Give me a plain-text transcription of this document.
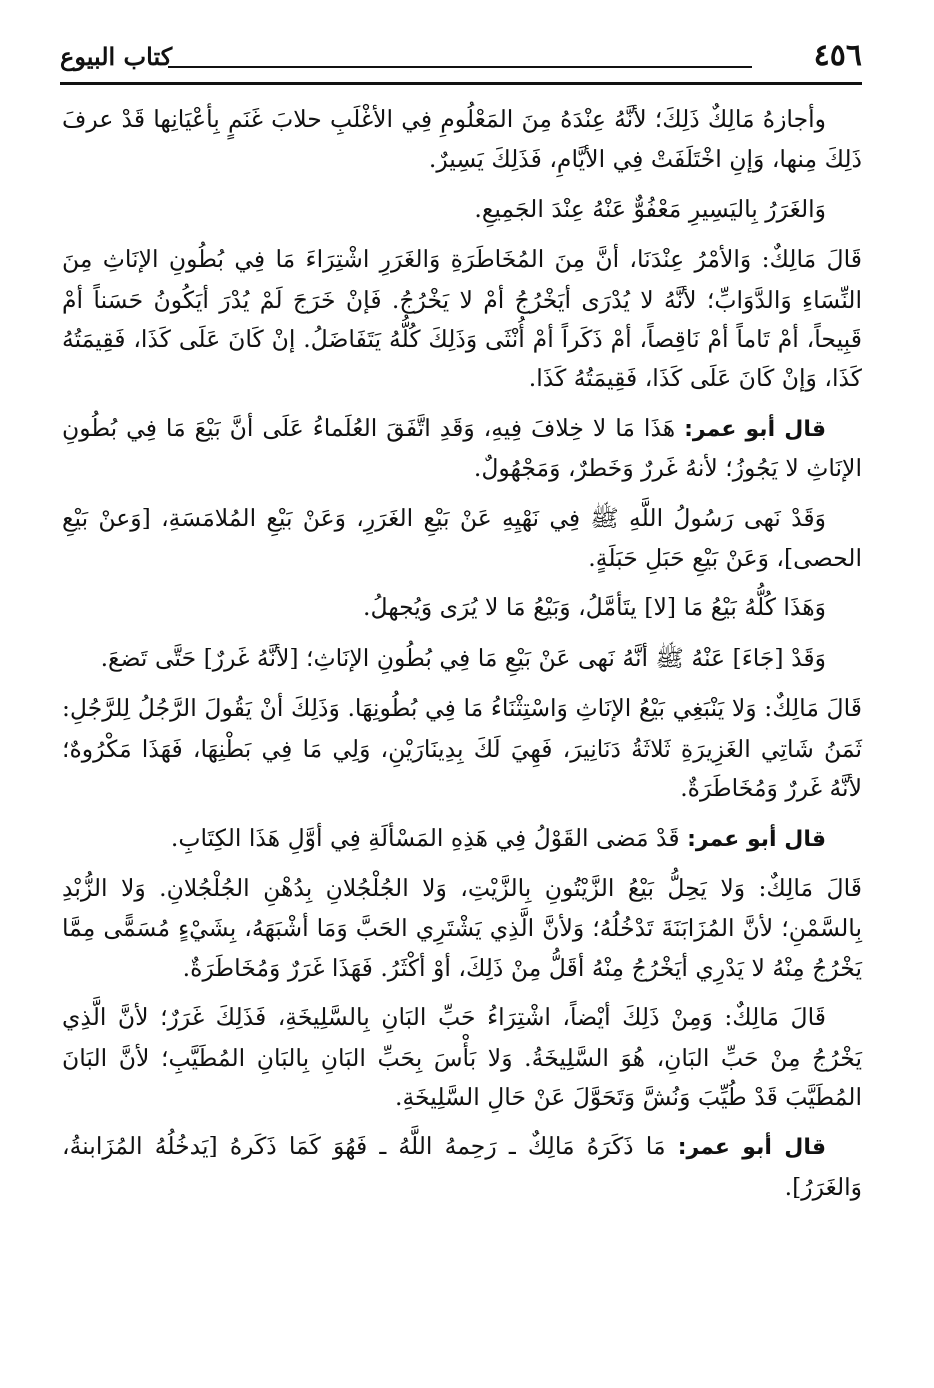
٤٥٦
كتاب البيوع

وأجازهُ مَالِكٌ ذَلِكَ؛ لأنَّهُ عِنْدَهُ مِنَ المَعْلُومِ فِي الأغْلَبِ حلابَ غَنَمٍ بِأعْيَانِها قَدْ عرفَ ذَلِكَ مِنها، وَإنِ اخْتَلَفَتْ فِي الأيَّامِ، فَذَلِكَ يَسِيرٌ.

وَالغَرَرُ بِاليَسِيرِ مَعْفُوٌّ عَنْهُ عِنْدَ الجَمِيعِ.

قَالَ مَالِكٌ: وَالأمْرُ عِنْدَنَا، أنَّ مِنَ المُخَاطَرَةِ وَالغَرَرِ اشْتِرَاءَ مَا فِي بُطُونِ الإنَاثِ مِنَ النِّسَاءِ وَالدَّوَابِّ؛ لأنَّهُ لا يُدْرَى أيَخْرُجُ أمْ لا يَخْرُجُ. فَإنْ خَرَجَ لَمْ يُدْرَ أيَكُونُ حَسَناً أمْ قَبِيحاً، أمْ تَاماً أمْ نَاقِصاً، أمْ ذَكَراً أمْ أُنْثَى وَذَلِكَ كُلُّهُ يَتَفَاضَلُ. إنْ كَانَ عَلَى كَذَا، فَقِيمَتُهُ كَذَا، وَإنْ كَانَ عَلَى كَذَا، فَقِيمَتُهُ كَذَا.

قال أبو عمر: هَذَا مَا لا خِلافَ فِيهِ، وَقَدِ اتَّفَقَ العُلَماءُ عَلَى أنَّ بَيْعَ مَا فِي بُطُونِ الإنَاثِ لا يَجُوزُ؛ لأنهُ غَررٌ وَخَطرٌ، وَمَجْهُولٌ.

وَقَدْ نَهى رَسُولُ اللَّهِ ﷺ فِي نَهْيِهِ عَنْ بَيْعِ الغَرَرِ، وَعَنْ بَيْعِ المُلامَسَةِ، [وَعنْ بَيْعِ الحصى]، وَعَنْ بَيْعِ حَبَلِ حَبَلَةٍ.

وَهَذَا كُلُّهُ بَيْعُ مَا [لا] يتَأمَّلُ، وَبَيْعُ مَا لا يُرَى وَيُجهلُ.

وَقَدْ [جَاءَ] عَنْهُ ﷺ أنَّهُ نَهى عَنْ بَيْعِ مَا فِي بُطُونِ الإنَاثِ؛ [لأنَّهُ غَررٌ] حَتَّى تَضعَ.

قَالَ مَالِكٌ: وَلا يَنْبَغِي بَيْعُ الإنَاثِ وَاسْتِثْنَاءُ مَا فِي بُطُونِهَا. وَذَلِكَ أنْ يَقُولَ الرَّجُلُ لِلرَّجُلِ: ثَمَنُ شَاتِي الغَزِيرَةِ ثَلاثَةُ دَنَانِيرَ، فَهِيَ لَكَ بِدِينَارَيْنِ، وَلِي مَا فِي بَطْنِهَا، فَهَذَا مَكْرُوهٌ؛ لأنَّهُ غَررٌ وَمُخَاطَرَةٌ.

قال أبو عمر: قَدْ مَضى القَوْلُ فِي هَذِهِ المَسْألَةِ فِي أوَّلِ هَذَا الكِتَابِ.

قَالَ مَالِكٌ: وَلا يَحِلُّ بَيْعُ الزَّيْتُونِ بِالزَّيْتِ، وَلا الجُلْجُلانِ بِدُهْنِ الجُلْجُلانِ. وَلا الزُّبْدِ بِالسَّمْنِ؛ لأنَّ المُزَابَنَةَ تَدْخُلُهُ؛ وَلأنَّ الَّذِي يَشْتَرِي الحَبَّ وَمَا أشْبَهَهُ، بِشَيْءٍ مُسَمًّى مِمَّا يَخْرُجُ مِنْهُ لا يَدْرِي أيَخْرُجُ مِنْهُ أقَلُّ مِنْ ذَلِكَ، أوْ أكْثَرُ. فَهَذَا غَرَرٌ وَمُخَاطَرَةٌ.

قَالَ مَالِكٌ: وَمِنْ ذَلِكَ أيْضاً، اشْتِرَاءُ حَبِّ البَانِ بِالسَّلِيخَةِ، فَذَلِكَ غَرَرٌ؛ لأنَّ الَّذِي يَخْرُجُ مِنْ حَبِّ البَانِ، هُوَ السَّلِيخَةُ. وَلا بَأْسَ بِحَبِّ البَانِ بِالبَانِ المُطَيَّبِ؛ لأنَّ البَانَ المُطَيَّبَ قَدْ طُيِّبَ وَنُشَّ وَتَحَوَّلَ عَنْ حَالِ السَّلِيخَةِ.

قال أبو عمر: مَا ذَكَرَهُ مَالِكٌ ـ رَحِمهُ اللَّهُ ـ فَهُوَ كَمَا ذَكَرهُ [يَدخُلُهُ المُزَابنةُ، وَالغَرَرُ].
